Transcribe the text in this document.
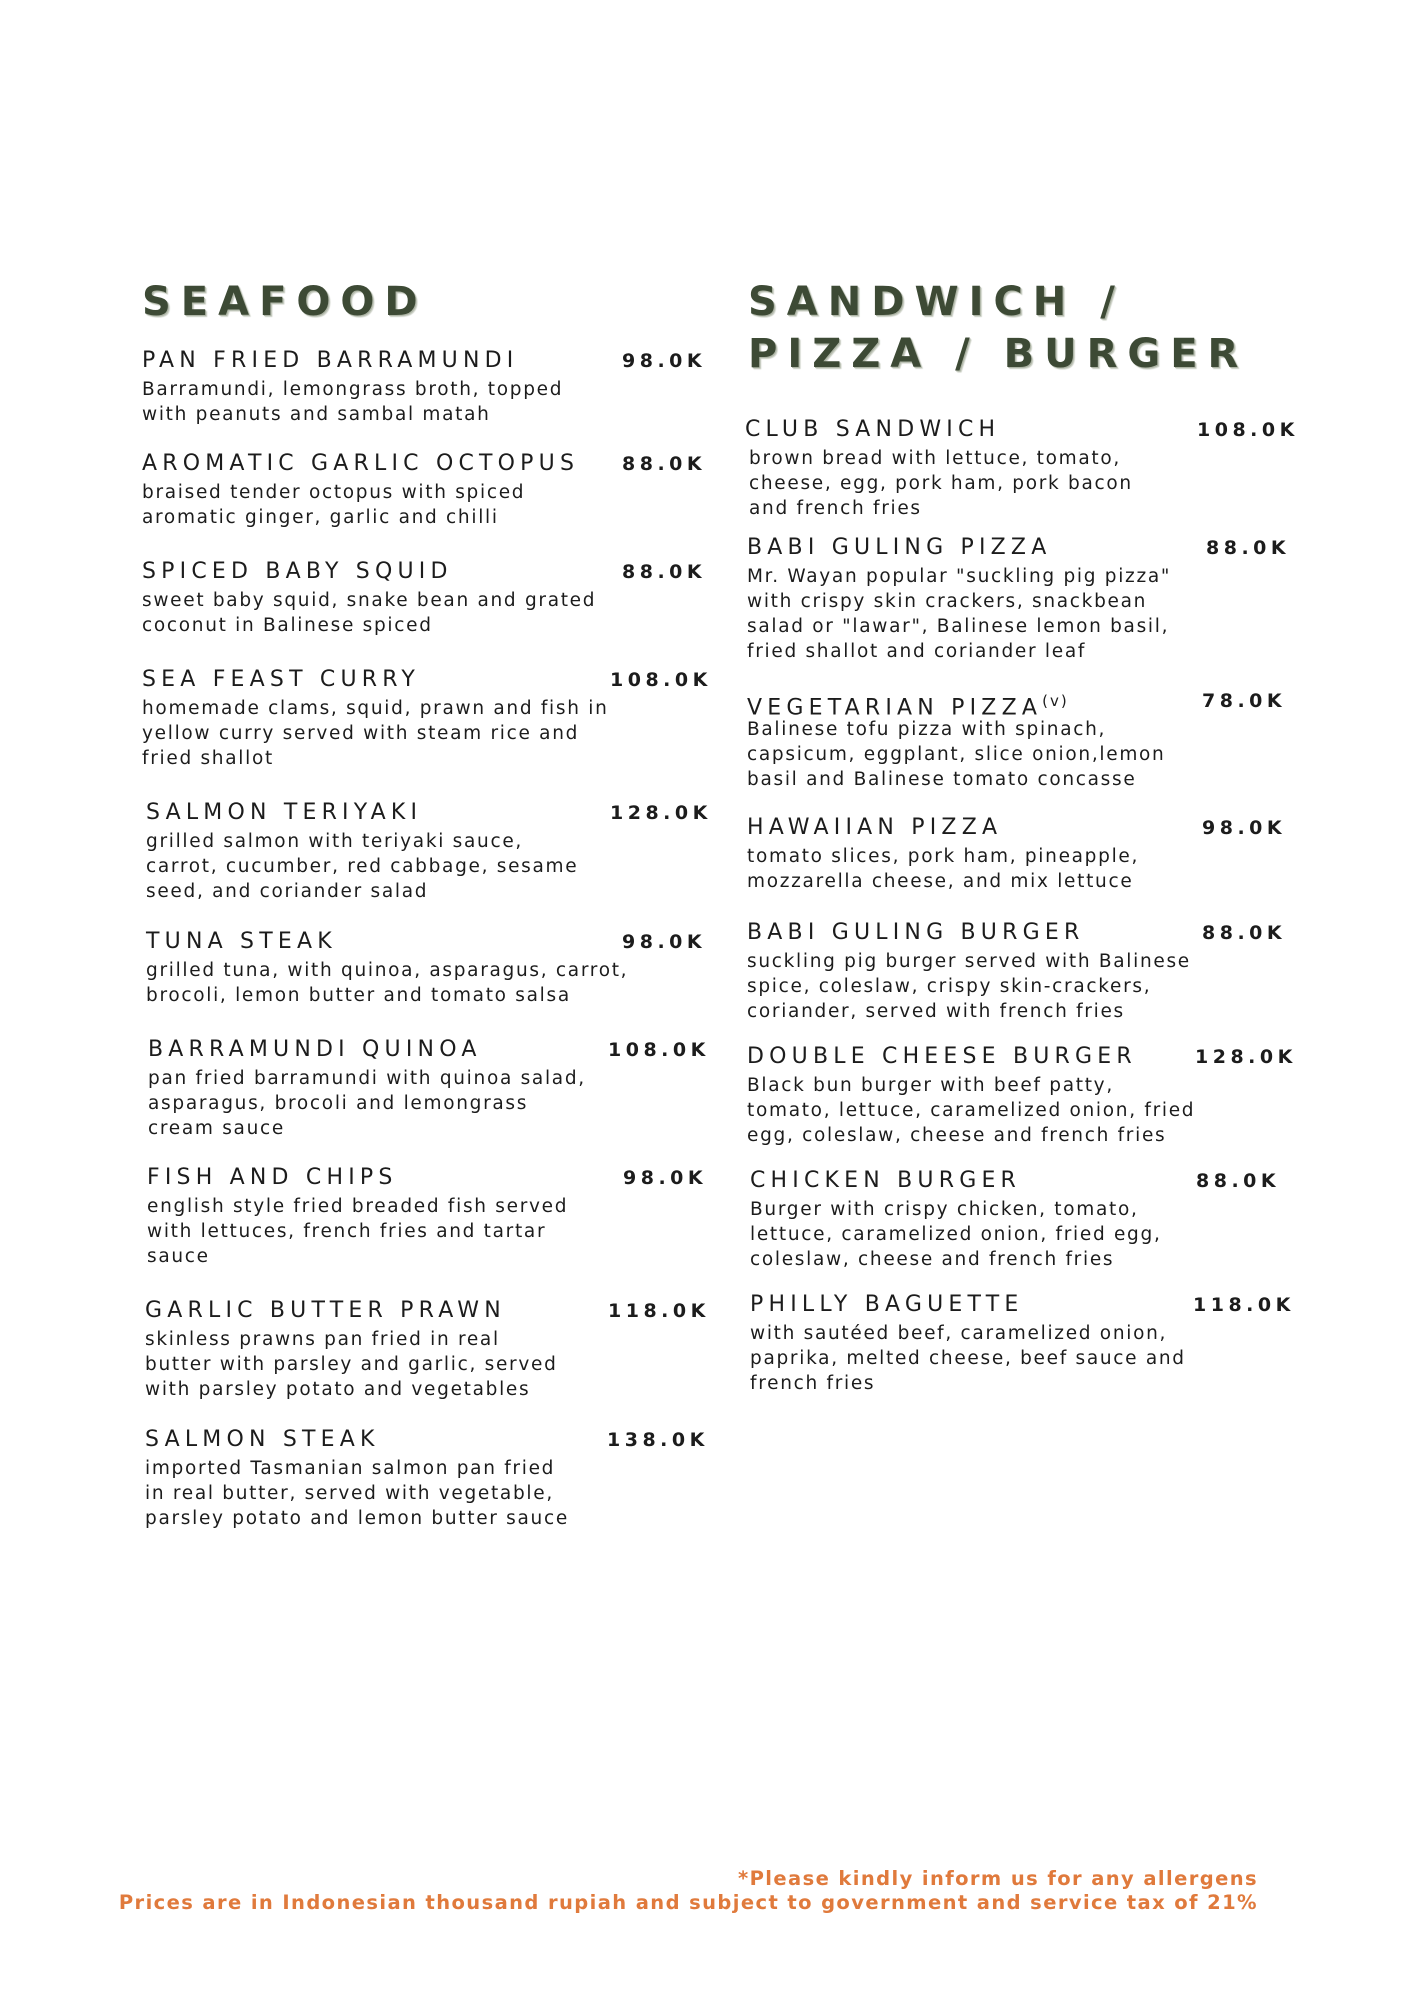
SEAFOOD
PAN FRIED BARRAMUNDI	98.0K
Barramundi, lemongrass broth, topped
with peanuts and sambal matah
AROMATIC GARLIC OCTOPUS 88.0K
braised tender octopus with spiced
aromatic ginger, garlic and chilli
SPICED BABY SQUID	88.0K
sweet baby squid, snake bean and grated
coconut in Balinese spiced
SEA FEAST CURRY	108.0K
homemade clams, squid, prawn and fish in
yellow curry served with steam rice and
fried shallot
SALMON TERIYAKI	128.0K
grilled salmon with teriyaki sauce,
carrot, cucumber, red cabbage, sesame
seed, and coriander salad
TUNA STEAK	98.0K
grilled tuna, with quinoa, asparagus, carrot,
brocoli, lemon butter and tomato salsa
BARRAMUNDI QUINOA	108.0K
pan fried barramundi with quinoa salad,
asparagus, brocoli and lemongrass
cream sauce
FISH AND CHIPS	98.0K
english style fried breaded fish served
with lettuces, french fries and tartar
sauce
GARLIC BUTTER PRAWN	118.0K
skinless prawns pan fried in real
butter with parsley and garlic, served
with parsley potato and vegetables
SALMON STEAK	138.0K
imported Tasmanian salmon pan fried
in real butter, served with vegetable,
parsley potato and lemon butter sauce
SANDWICH /
PIZZA / BURGER
CLUB SANDWICH	108.0K
brown bread with lettuce, tomato,
cheese, egg, pork ham, pork bacon
and french fries
BABI GULING PIZZA	88.0K
Mr. Wayan popular "suckling pig pizza"
with crispy skin crackers, snackbean
salad or "lawar", Balinese lemon basil,
fried shallot and coriander leaf
VEGETARIAN PIZZA$^{(v)}$	78.0K
Balinese tofu pizza with spinach,
capsicum, eggplant, slice onion,lemon
basil and Balinese tomato concasse
HAWAIIAN PIZZA	98.0K
tomato slices, pork ham, pineapple,
mozzarella cheese, and mix lettuce
BABI GULING BURGER	88.0K
suckling pig burger served with Balinese
spice, coleslaw, crispy skin-crackers,
coriander, served with french fries
DOUBLE CHEESE BURGER	128.0K
Black bun burger with beef patty,
tomato, lettuce, caramelized onion, fried
egg, coleslaw, cheese and french fries
CHICKEN BURGER	88.0K
Burger with crispy chicken, tomato,
lettuce, caramelized onion, fried egg,
coleslaw, cheese and french fries
PHILLY BAGUETTE	118.0K
with sautéed beef, caramelized onion,
paprika, melted cheese, beef sauce and
french fries
*Please kindly inform us for any allergens
Prices are in Indonesian thousand rupiah and subject to government and service tax of 21%
